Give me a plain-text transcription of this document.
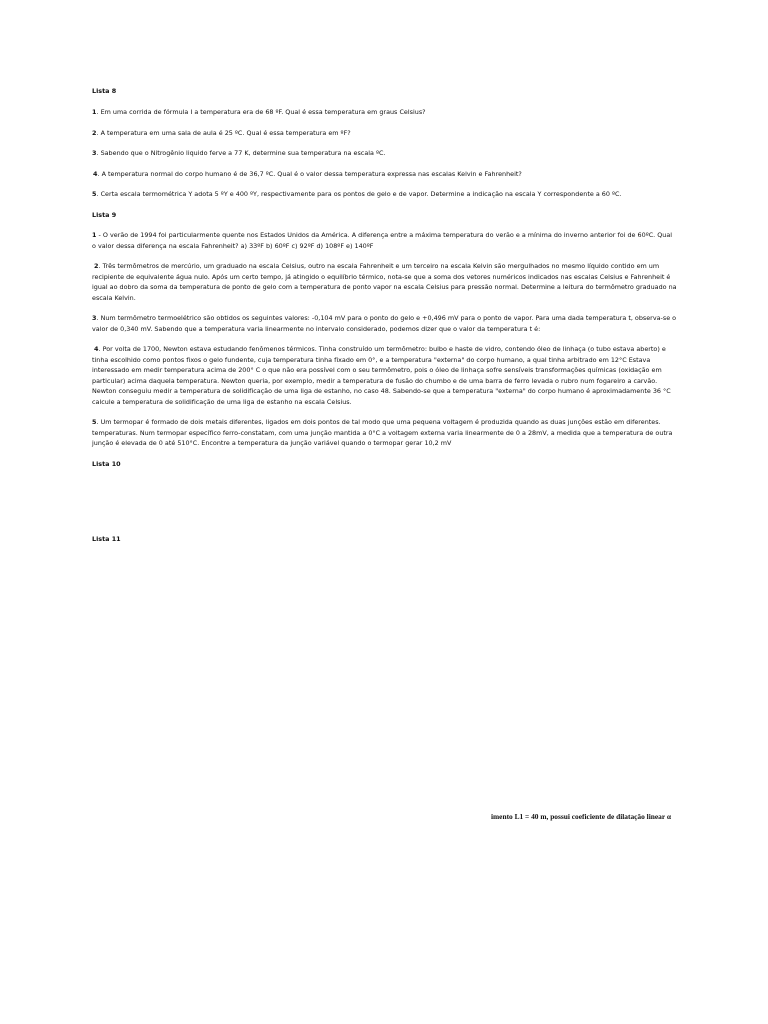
Lista 8

1. Em uma corrida de fórmula I a temperatura era de 68 ºF. Qual é essa temperatura em graus Celsius?

2. A temperatura em uma sala de aula é 25 ºC. Qual é essa temperatura em ºF?

3. Sabendo que o Nitrogênio liquido ferve a 77 K, determine sua temperatura na escala ºC.

4. A temperatura normal do corpo humano é de 36,7 ºC. Qual é o valor dessa temperatura expressa nas escalas Kelvin e Fahrenheit?

5. Certa escala termométrica Y adota 5 ºY e 400 ºY, respectivamente para os pontos de gelo e de vapor. Determine a indicação na escala Y correspondente a 60 ºC.

Lista 9

1 - O verão de 1994 foi particularmente quente nos Estados Unidos da América. A diferença entre a máxima temperatura do verão e a mínima do inverno anterior foi de 60ºC. Qual o valor dessa diferença na escala Fahrenheit? a) 33ºF b) 60ºF c) 92ºF d) 108ºF e) 140ºF

2. Três termômetros de mercúrio, um graduado na escala Celsius, outro na escala Fahrenheit e um terceiro na escala Kelvin são mergulhados no mesmo líquido contido em um recipiente de equivalente água nulo. Após um certo tempo, já atingido o equilíbrio térmico, nota-se que a soma dos vetores numéricos indicados nas escalas Celsius e Fahrenheit é igual ao dobro da soma da temperatura de ponto de gelo com a temperatura de ponto vapor na escala Celsius para pressão normal. Determine a leitura do termômetro graduado na escala Kelvin.

3. Num termômetro termoelétrico são obtidos os seguintes valores: -0,104 mV para o ponto do gelo e +0,496 mV para o ponto de vapor. Para uma dada temperatura t, observa-se o valor de 0,340 mV. Sabendo que a temperatura varia linearmente no intervalo considerado, podemos dizer que o valor da temperatura t é:

4. Por volta de 1700, Newton estava estudando fenômenos térmicos. Tinha construído um termômetro: bulbo e haste de vidro, contendo óleo de linhaça (o tubo estava aberto) e tinha escolhido como pontos fixos o gelo fundente, cuja temperatura tinha fixado em 0°, e a temperatura "externa" do corpo humano, a qual tinha arbitrado em 12°C Estava interessado em medir temperatura acima de 200° C o que não era possível com o seu termômetro, pois o óleo de linhaça sofre sensíveis transformações químicas (oxidação em particular) acima daquela temperatura. Newton queria, por exemplo, medir a temperatura de fusão do chumbo e de uma barra de ferro levada o rubro num fogareiro a carvão. Newton conseguiu medir a temperatura de solidificação de uma liga de estanho, no caso 48. Sabendo-se que a temperatura "externa" do corpo humano é aproximadamente 36 °C calcule a temperatura de solidificação de uma liga de estanho na escala Celsius.

5. Um termopar é formado de dois metais diferentes, ligados em dois pontos de tal modo que uma pequena voltagem é produzida quando as duas junções estão em diferentes. temperaturas. Num termopar específico ferro-constatam, com uma junção mantida a 0°C a voltagem externa varia linearmente de 0 a 28mV, a medida que a temperatura de outra junção é elevada de 0 até 510°C. Encontre a temperatura da junção variável quando o termopar gerar 10,2 mV

Lista 10

Lista 11

imento L1 = 40 m, possui coeficiente de dilatação linear α
